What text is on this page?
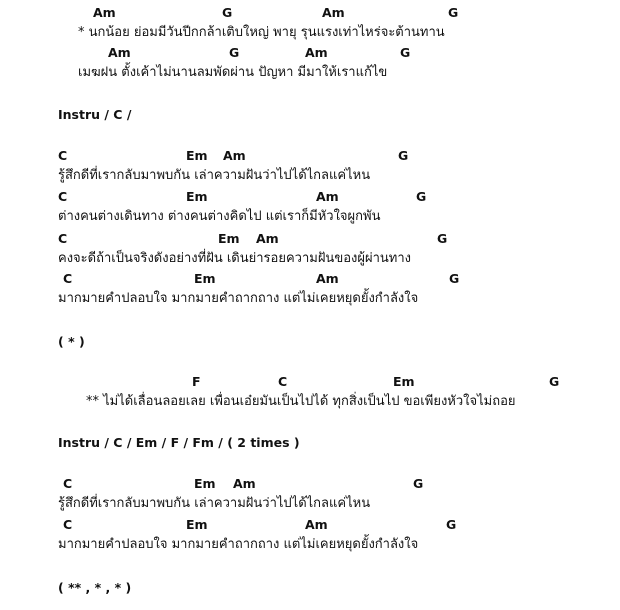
Am	G	Am	G
* นกน้อย ย่อมมีวันปีกกล้าเติบใหญ่ พายุ รุนแรงเท่าไหร่จะต้านทาน
Am	G	Am	G
เมฆฝน ตั้งเค้าไม่นานลมพัดผ่าน ปัญหา มีมาให้เราแก้ไข
Instru / C /
C	Em Am	G
รู้สึกดีที่เรากลับมาพบกัน เล่าความฝันว่าไปได้ไกลแค่ไหน
C	Em	Am	G
ต่างคนต่างเดินทาง ต่างคนต่างคิดไป แต่เราก็มีหัวใจผูกพัน
C	Em Am	G
คงจะดีถ้าเป็นจริงดังอย่างที่ฝัน เดินย่ารอยความฝันของผู้ผ่านทาง
C	Em	Am	G
มากมายคำปลอบใจ มากมายคำถากถาง แต่ไม่เคยหยุดยั้งกำลังใจ
( * )
F	C	Em	G
** ไม่ได้เลื่อนลอยเลย เพื่อนเอ๋ยมันเป็นไปได้ ทุกสิ่งเป็นไป ขอเพียงหัวใจไม่ถอย
Instru / C / Em / F / Fm / ( 2 times )
C	Em Am	G
รู้สึกดีที่เรากลับมาพบกัน เล่าความฝันว่าไปได้ไกลแค่ไหน
C	Em	Am	G
มากมายคำปลอบใจ มากมายคำถากถาง แต่ไม่เคยหยุดยั้งกำลังใจ
( ** , * , * )
